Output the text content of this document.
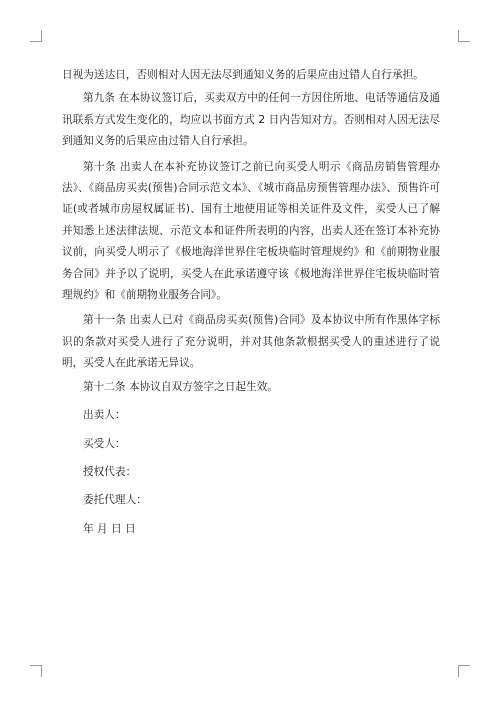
日视为送达日，否则相对人因无法尽到通知义务的后果应由过错人自行承担。

第九条 在本协议签订后，买卖双方中的任何一方因住所地、电话等通信及通讯联系方式发生变化的，均应以书面方式 2 日内告知对方。否则相对人因无法尽到通知义务的后果应由过错人自行承担。

第十条 出卖人在本补充协议签订之前已向买受人明示《商品房销售管理办法》、《商品房买卖(预售)合同示范文本》、《城市商品房预售管理办法》、预售许可证(或者城市房屋权属证书)、国有土地使用证等相关证件及文件，买受人已了解并知悉上述法律法规、示范文本和证件所表明的内容，出卖人还在签订本补充协议前，向买受人明示了《极地海洋世界住宅板块临时管理规约》和《前期物业服务合同》并予以了说明，买受人在此承诺遵守该《极地海洋世界住宅板块临时管理规约》和《前期物业服务合同》。

第十一条 出卖人已对《商品房买卖(预售)合同》及本协议中所有作黑体字标识的条款对买受人进行了充分说明，并对其他条款根据买受人的重述进行了说明，买受人在此承诺无异议。

第十二条 本协议自双方签字之日起生效。

出卖人：

买受人：

授权代表：

委托代理人：

年 月 日 日
